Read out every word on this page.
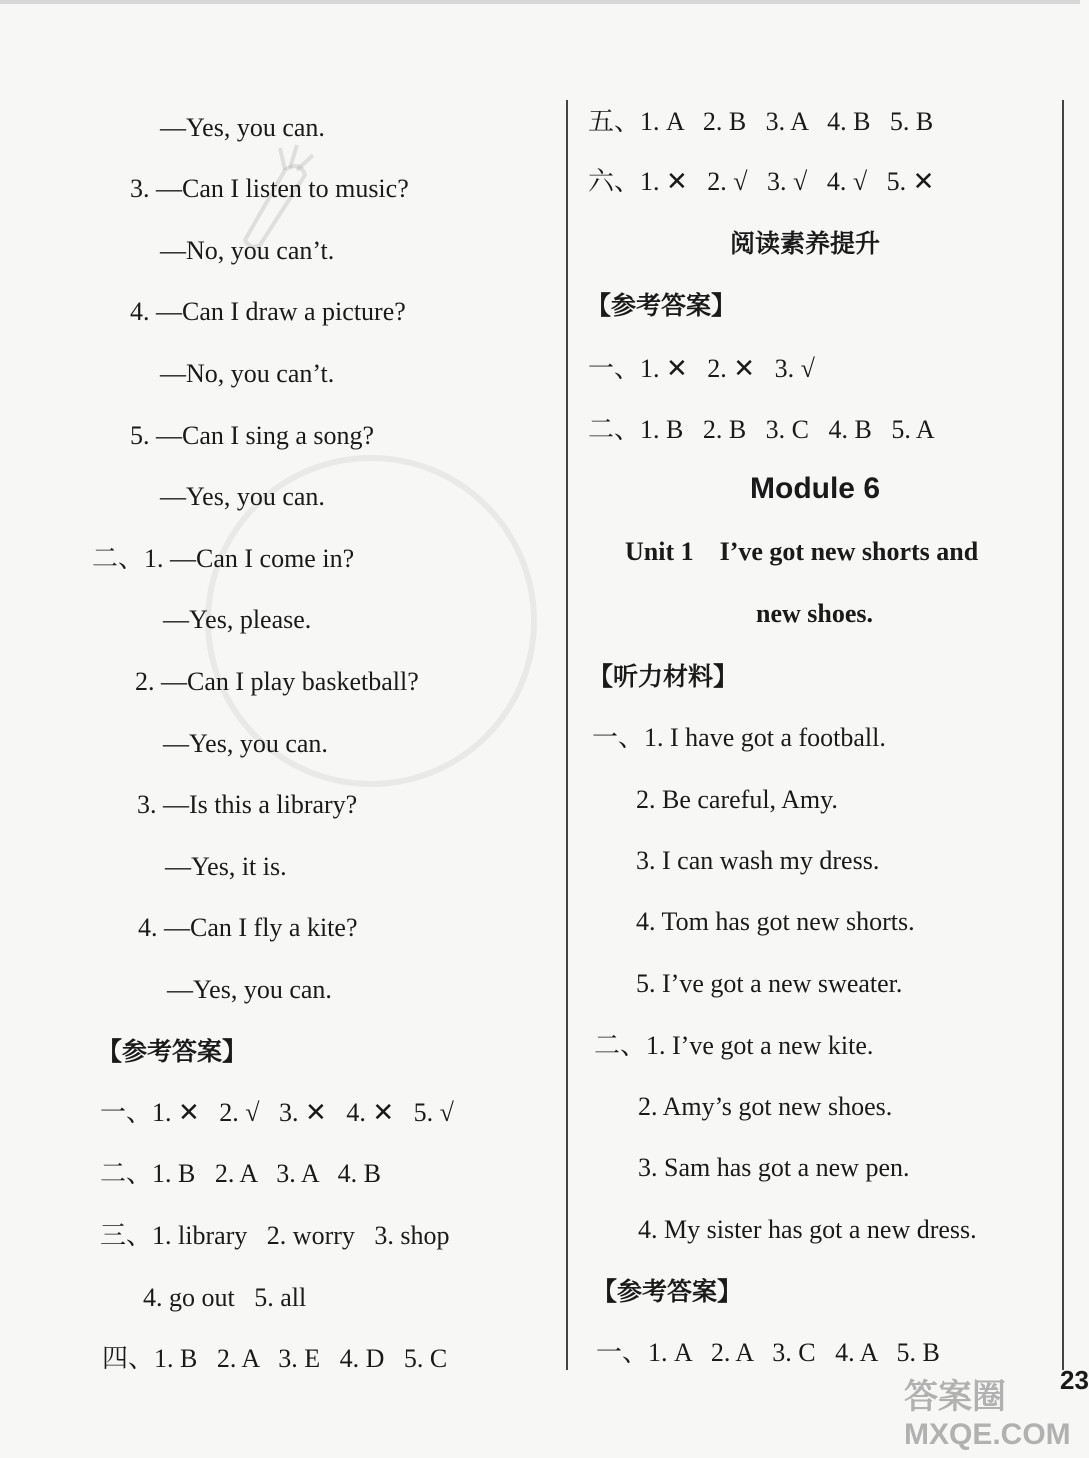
—Yes, you can.
3. —Can I listen to music?
—No, you can’t.
4. —Can I draw a picture?
—No, you can’t.
5. —Can I sing a song?
—Yes, you can.
二、1. —Can I come in?
—Yes, please.
2. —Can I play basketball?
—Yes, you can.
3. —Is this a library?
—Yes, it is.
4. —Can I fly a kite?
—Yes, you can.
【参考答案】
一、1. ✕   2. √   3. ✕   4. ✕   5. √
二、1. B   2. A   3. A   4. B
三、1. library   2. worry   3. shop
4. go out   5. all
四、1. B   2. A   3. E   4. D   5. C
五、1. A   2. B   3. A   4. B   5. B
六、1. ✕   2. √   3. √   4. √   5. ✕
阅读素养提升
【参考答案】
一、1. ✕   2. ✕   3. √
二、1. B   2. B   3. C   4. B   5. A
Module 6
Unit 1    I’ve got new shorts and
new shoes.
【听力材料】
一、1. I have got a football.
2. Be careful, Amy.
3. I can wash my dress.
4. Tom has got new shorts.
5. I’ve got a new sweater.
二、1. I’ve got a new kite.
2. Amy’s got new shoes.
3. Sam has got a new pen.
4. My sister has got a new dress.
【参考答案】
一、1. A   2. A   3. C   4. A   5. B
答案圈
MXQE.COM
23
